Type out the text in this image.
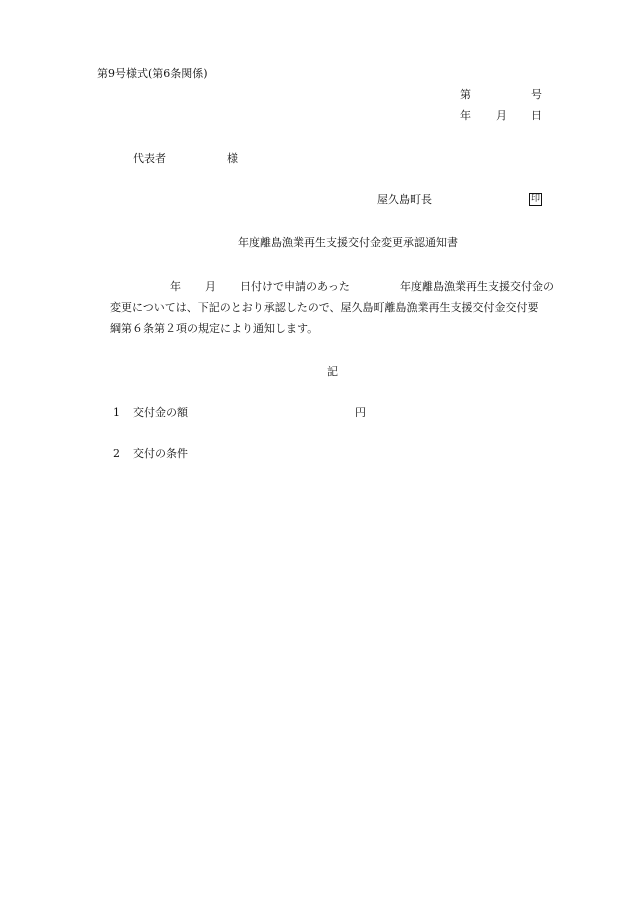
第9号様式(第6条関係)
第	号
年 月 日
代表者	様
屋久島町長	印
年度離島漁業再生支援交付金変更承認通知書
年 月 日付けで申請のあった	年度離島漁業再生支援交付金の
変更については、下記のとおり承認したので、屋久島町離島漁業再生支援交付金交付要
綱第６条第２項の規定により通知します。
記
1 交付金の額	円
2 交付の条件
